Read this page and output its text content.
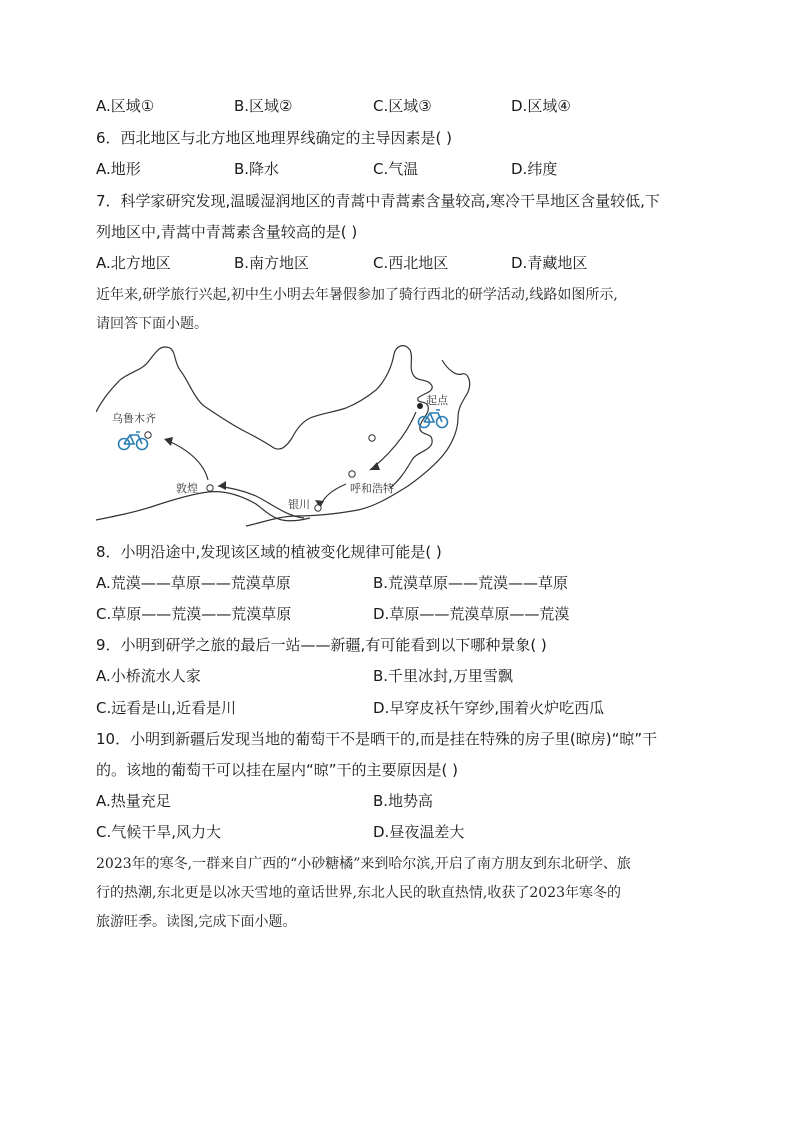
A.区域①	B.区域②	C.区域③	D.区域④
6．西北地区与北方地区地理界线确定的主导因素是( )
A.地形	B.降水	C.气温	D.纬度
7．科学家研究发现,温暖湿润地区的青蒿中青蒿素含量较高,寒冷干旱地区含量较低,下
列地区中,青蒿中青蒿素含量较高的是( )
A.北方地区	B.南方地区	C.西北地区	D.青藏地区
近年来,研学旅行兴起,初中生小明去年暑假参加了骑行西北的研学活动,线路如图所示,
请回答下面小题。
起点
乌鲁木齐
敦煌
银川
呼和浩特
8．小明沿途中,发现该区域的植被变化规律可能是( )
A.荒漠——草原——荒漠草原	B.荒漠草原——荒漠——草原
C.草原——荒漠——荒漠草原	D.草原——荒漠草原——荒漠
9．小明到研学之旅的最后一站——新疆,有可能看到以下哪种景象( )
A.小桥流水人家	B.千里冰封,万里雪飘
C.远看是山,近看是川	D.早穿皮袄午穿纱,围着火炉吃西瓜
10．小明到新疆后发现当地的葡萄干不是晒干的,而是挂在特殊的房子里(晾房)“晾”干
的。该地的葡萄干可以挂在屋内“晾”干的主要原因是( )
A.热量充足	B.地势高
C.气候干旱,风力大	D.昼夜温差大
2023年的寒冬,一群来自广西的“小砂糖橘”来到哈尔滨,开启了南方朋友到东北研学、旅
行的热潮,东北更是以冰天雪地的童话世界,东北人民的耿直热情,收获了2023年寒冬的
旅游旺季。读图,完成下面小题。
